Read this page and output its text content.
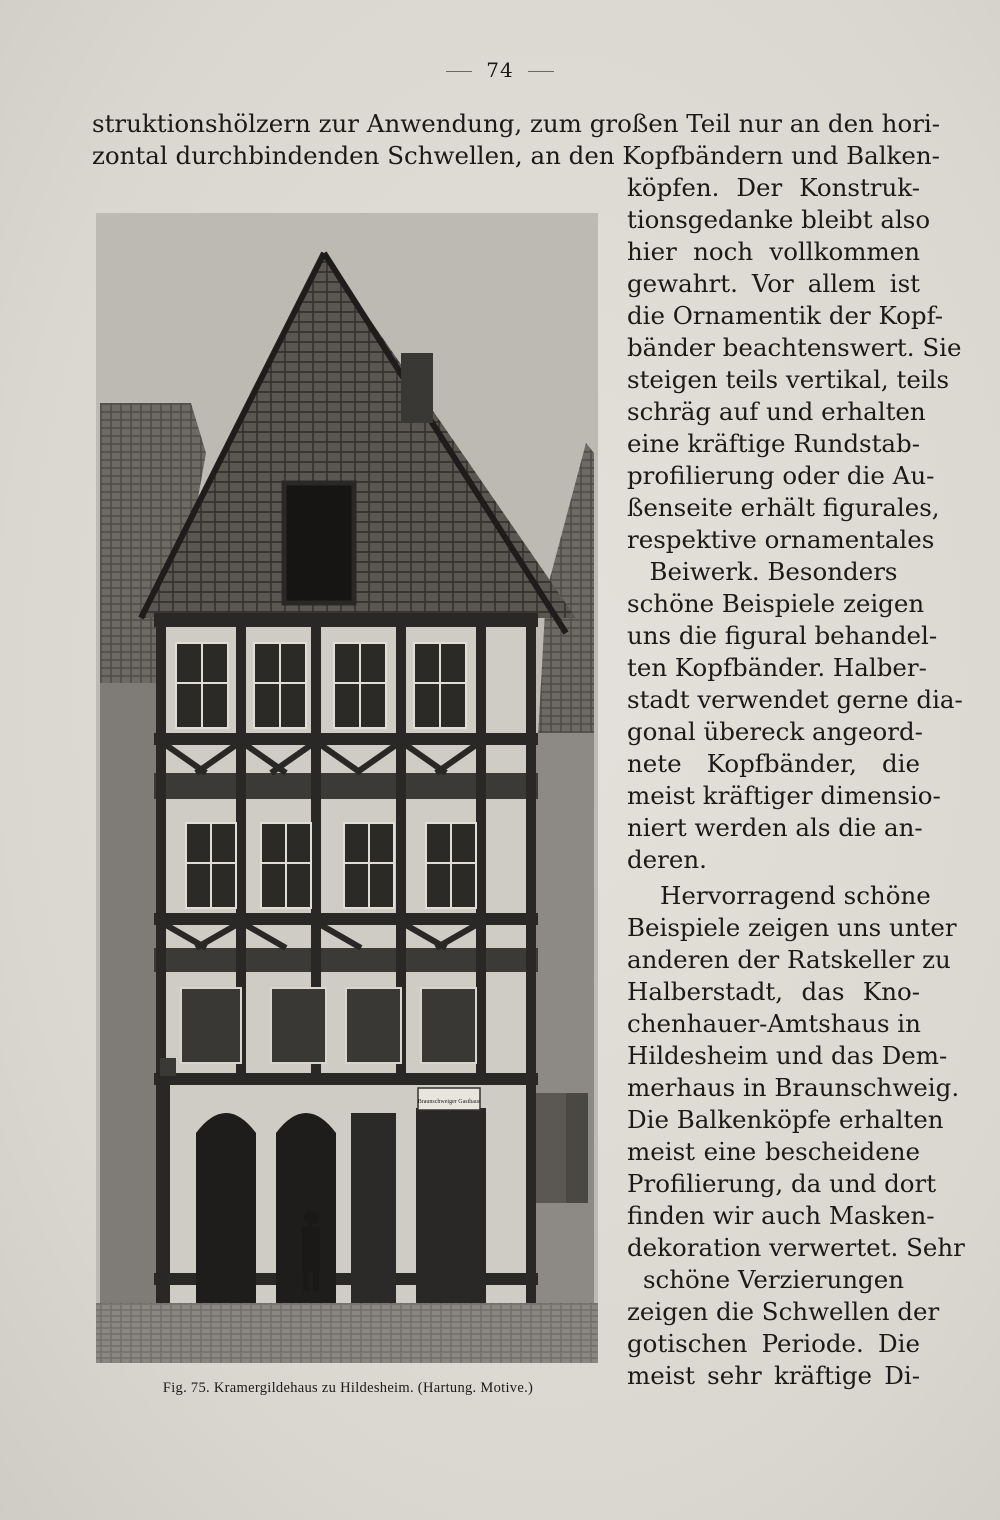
74
struktionshölzern zur Anwendung, zum großen Teil nur an den hori-
zontal durchbindenden Schwellen, an den Kopfbändern und Balken-
köpfen. Der Konstruk-
tionsgedanke bleibt also
hier noch vollkommen
gewahrt. Vor allem ist
die Ornamentik der Kopf-
bänder beachtenswert. Sie
steigen teils vertikal, teils
schräg auf und erhalten
eine kräftige Rundstab-
profilierung oder die Au-
ßenseite erhält figurales,
respektive ornamentales
Beiwerk. Besonders
schöne Beispiele zeigen
uns die figural behandel-
ten Kopfbänder. Halber-
stadt verwendet gerne dia-
gonal übereck angeord-
nete Kopfbänder, die
meist kräftiger dimensio-
niert werden als die an-
deren.
Hervorragend schöne
Beispiele zeigen uns unter
anderen der Ratskeller zu
Halberstadt, das Kno-
chenhauer-Amtshaus in
Hildesheim und das Dem-
merhaus in Braunschweig.
Die Balkenköpfe erhalten
meist eine bescheidene
Profilierung, da und dort
finden wir auch Masken-
dekoration verwertet. Sehr
schöne Verzierungen
zeigen die Schwellen der
gotischen Periode. Die
meist sehr kräftige Di-
Braunschweiger Gasthaus
Fig. 75. Kramergildehaus zu Hildesheim. (Hartung. Motive.)
